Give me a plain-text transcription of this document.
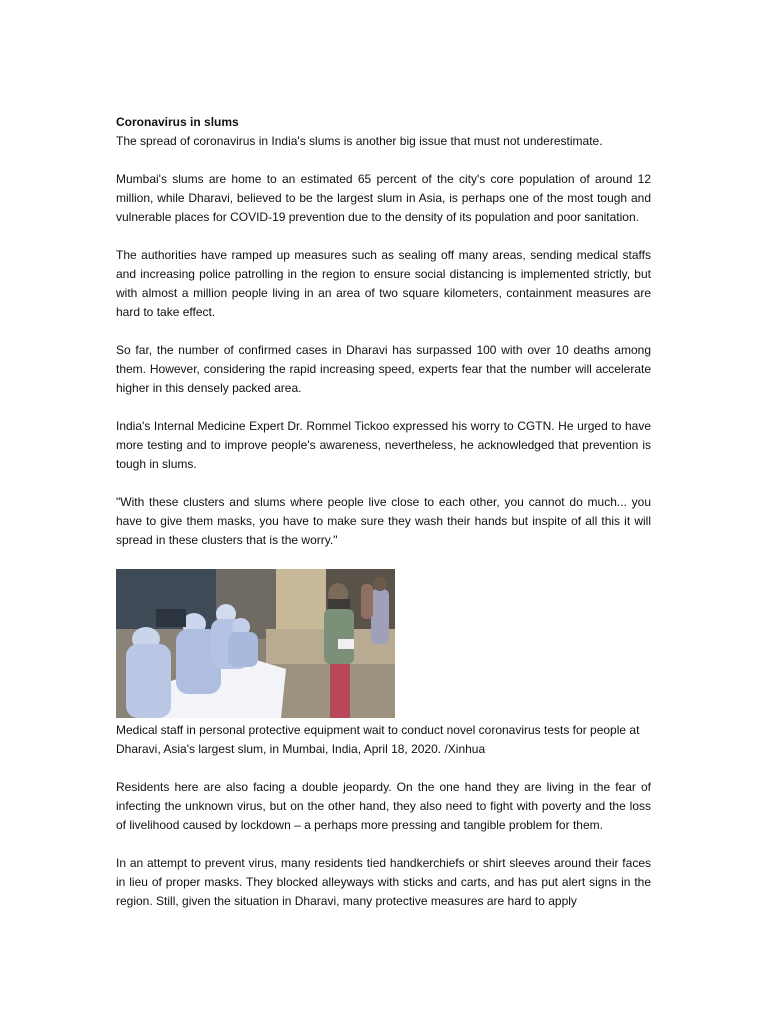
Coronavirus in slums

The spread of coronavirus in India's slums is another big issue that must not underestimate.

Mumbai's slums are home to an estimated 65 percent of the city's core population of around 12 million, while Dharavi, believed to be the largest slum in Asia, is perhaps one of the most tough and vulnerable places for COVID-19 prevention due to the density of its population and poor sanitation.

The authorities have ramped up measures such as sealing off many areas, sending medical staffs and increasing police patrolling in the region to ensure social distancing is implemented strictly, but with almost a million people living in an area of two square kilometers, containment measures are hard to take effect.

So far, the number of confirmed cases in Dharavi has surpassed 100 with over 10 deaths among them. However, considering the rapid increasing speed, experts fear that the number will accelerate higher in this densely packed area.

India's Internal Medicine Expert Dr. Rommel Tickoo expressed his worry to CGTN. He urged to have more testing and to improve people's awareness, nevertheless, he acknowledged that prevention is tough in slums.

"With these clusters and slums where people live close to each other, you cannot do much... you have to give them masks, you have to make sure they wash their hands but inspite of all this it will spread in these clusters that is the worry."

Medical staff in personal protective equipment wait to conduct novel coronavirus tests for people at Dharavi, Asia's largest slum, in Mumbai, India, April 18, 2020. /Xinhua

Residents here are also facing a double jeopardy. On the one hand they are living in the fear of infecting the unknown virus, but on the other hand, they also need to fight with poverty and the loss of livelihood caused by lockdown – a perhaps more pressing and tangible problem for them.

In an attempt to prevent virus, many residents tied handkerchiefs or shirt sleeves around their faces in lieu of proper masks. They blocked alleyways with sticks and carts, and has put alert signs in the region. Still, given the situation in Dharavi, many protective measures are hard to apply
